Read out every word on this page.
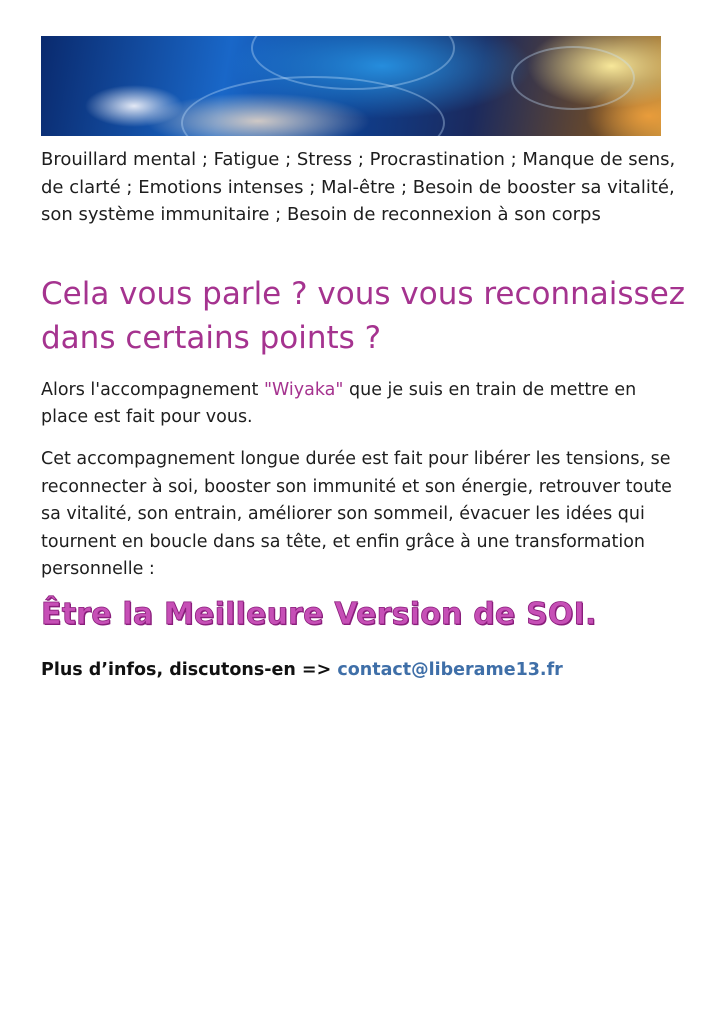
Brouillard mental ; Fatigue ; Stress ; Procrastination ; Manque de sens, de clarté ; Emotions intenses ; Mal-être ; Besoin de booster sa vitalité, son système immunitaire ; Besoin de reconnexion à son corps

Cela vous parle ? vous vous reconnaissez dans certains points ?

Alors l'accompagnement "Wiyaka" que je suis en train de mettre en place est fait pour vous.

Cet accompagnement longue durée est fait pour libérer les tensions, se reconnecter à soi, booster son immunité et son énergie, retrouver toute sa vitalité, son entrain, améliorer son sommeil, évacuer les idées qui tournent en boucle dans sa tête, et enfin grâce à une transformation personnelle :

Être la Meilleure Version de SOI.

Plus d’infos, discutons-en => contact@liberame13.fr
